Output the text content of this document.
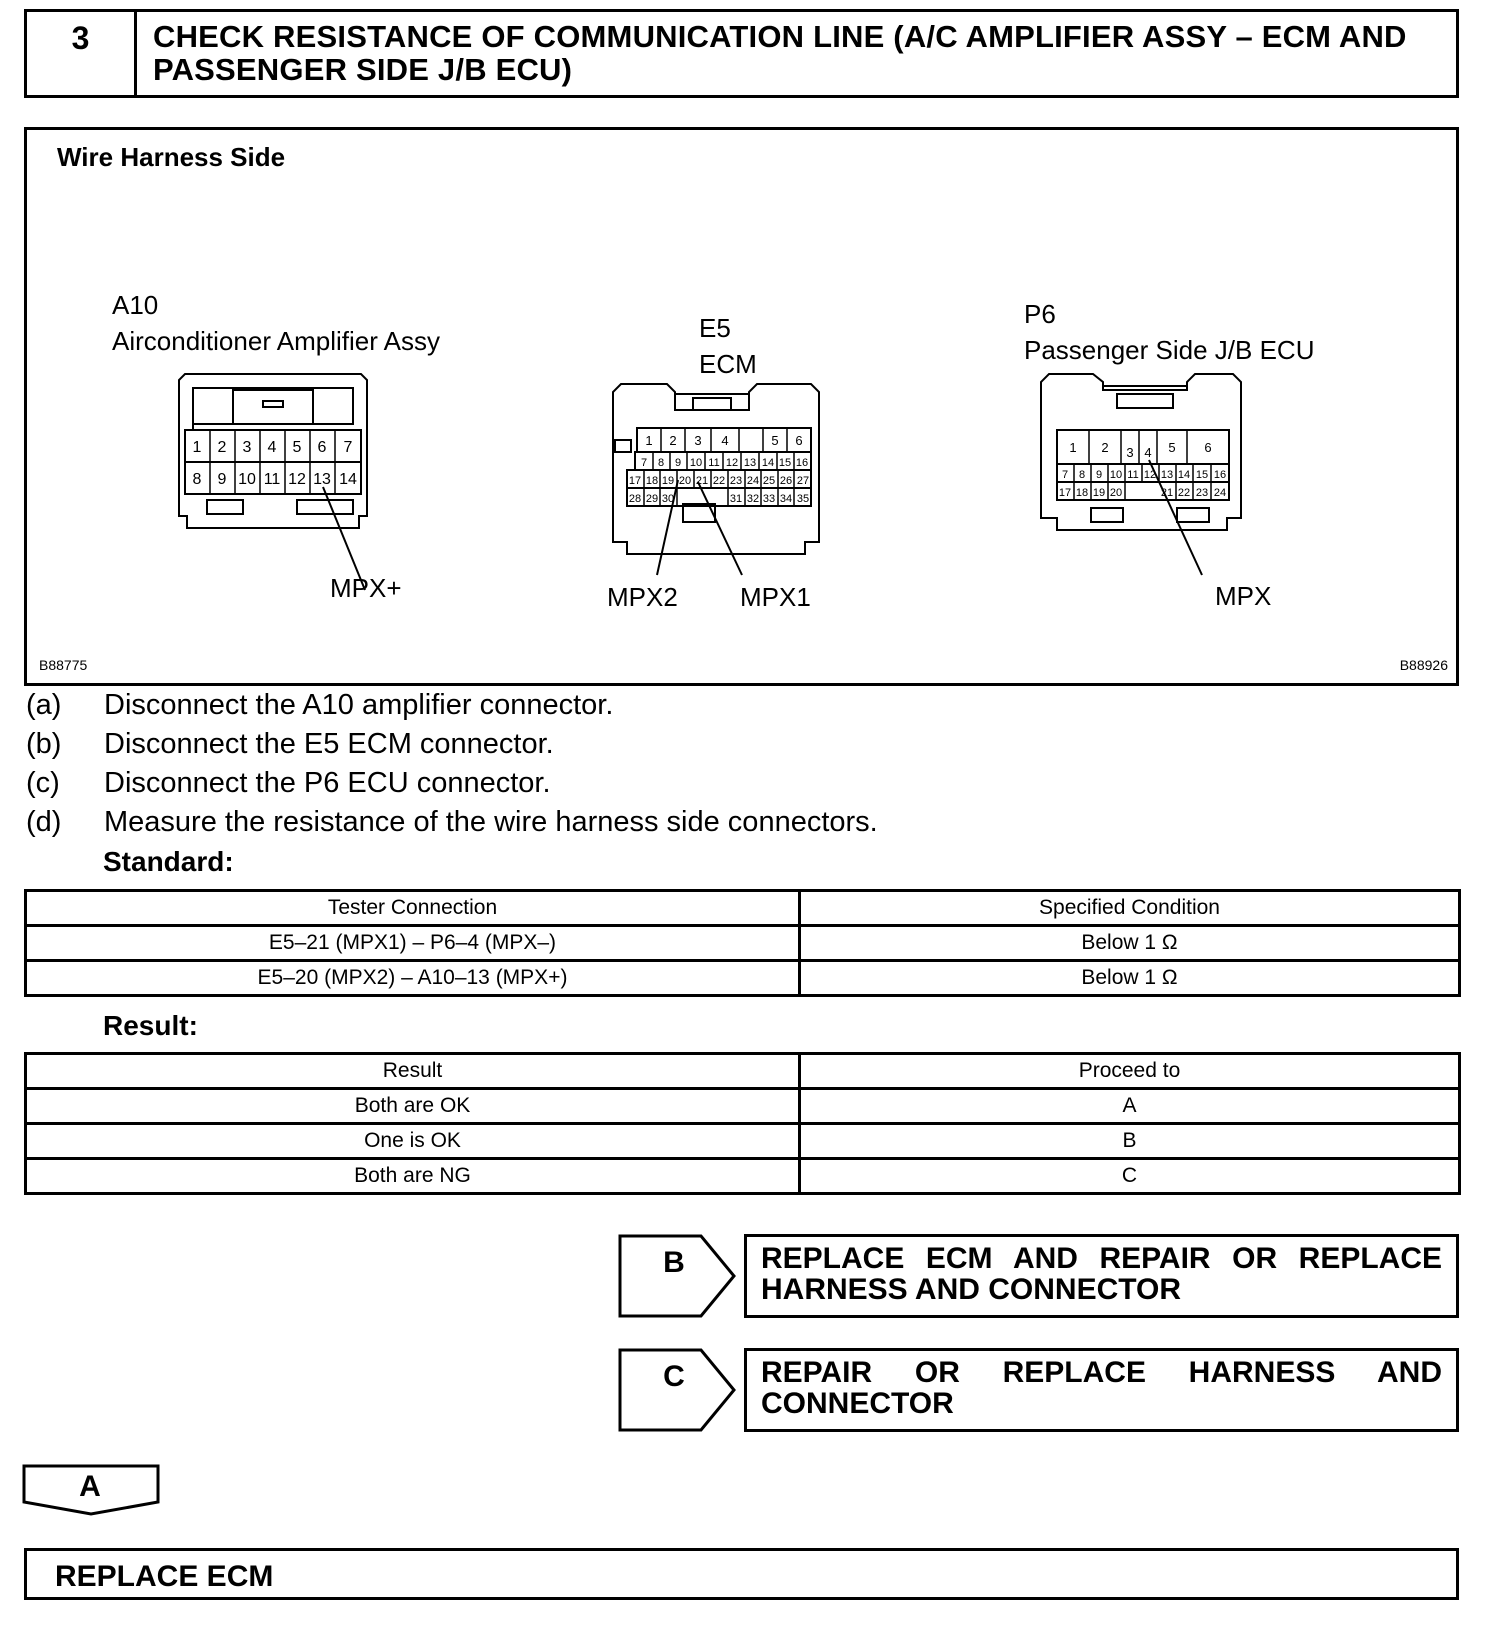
3	CHECK RESISTANCE OF COMMUNICATION LINE (A/C AMPLIFIER ASSY – ECM AND PASSENGER SIDE J/B ECU)
Wire Harness Side
A10
Airconditioner Amplifier Assy	E5
ECM
P6
Passenger Side J/B ECU
1 2 3 4 5 6 7
8 9 10 11 12 13 14
1 2 3 4	5 6
7 8 9 10 11 12 13 14 15 16
17 18 19 20 21 22 23 24 25 26 27
28 29 30	31 32 33 34 35
1 2 3 4 5 6
7 8 9 10 11 12 13 14 15 16
17 18 19 20	21 22 23 24
MPX+	MPX2 MPX1	MPX
B88775	B88926
(a) Disconnect the A10 amplifier connector.
(b) Disconnect the E5 ECM connector.
(c) Disconnect the P6 ECU connector.
(d) Measure the resistance of the wire harness side connectors.
Standard:
Tester Connection	Specified Condition
E5–21 (MPX1) – P6–4 (MPX–)	Below 1 Ω
E5–20 (MPX2) – A10–13 (MPX+)	Below 1 Ω
Result:
Result	Proceed to
Both are OK	A
One is OK	B
Both are NG	C
B	REPLACE ECM AND REPAIR OR REPLACE HARNESS AND CONNECTOR
C	REPAIR OR REPLACE HARNESS AND CONNECTOR
A
REPLACE ECM
